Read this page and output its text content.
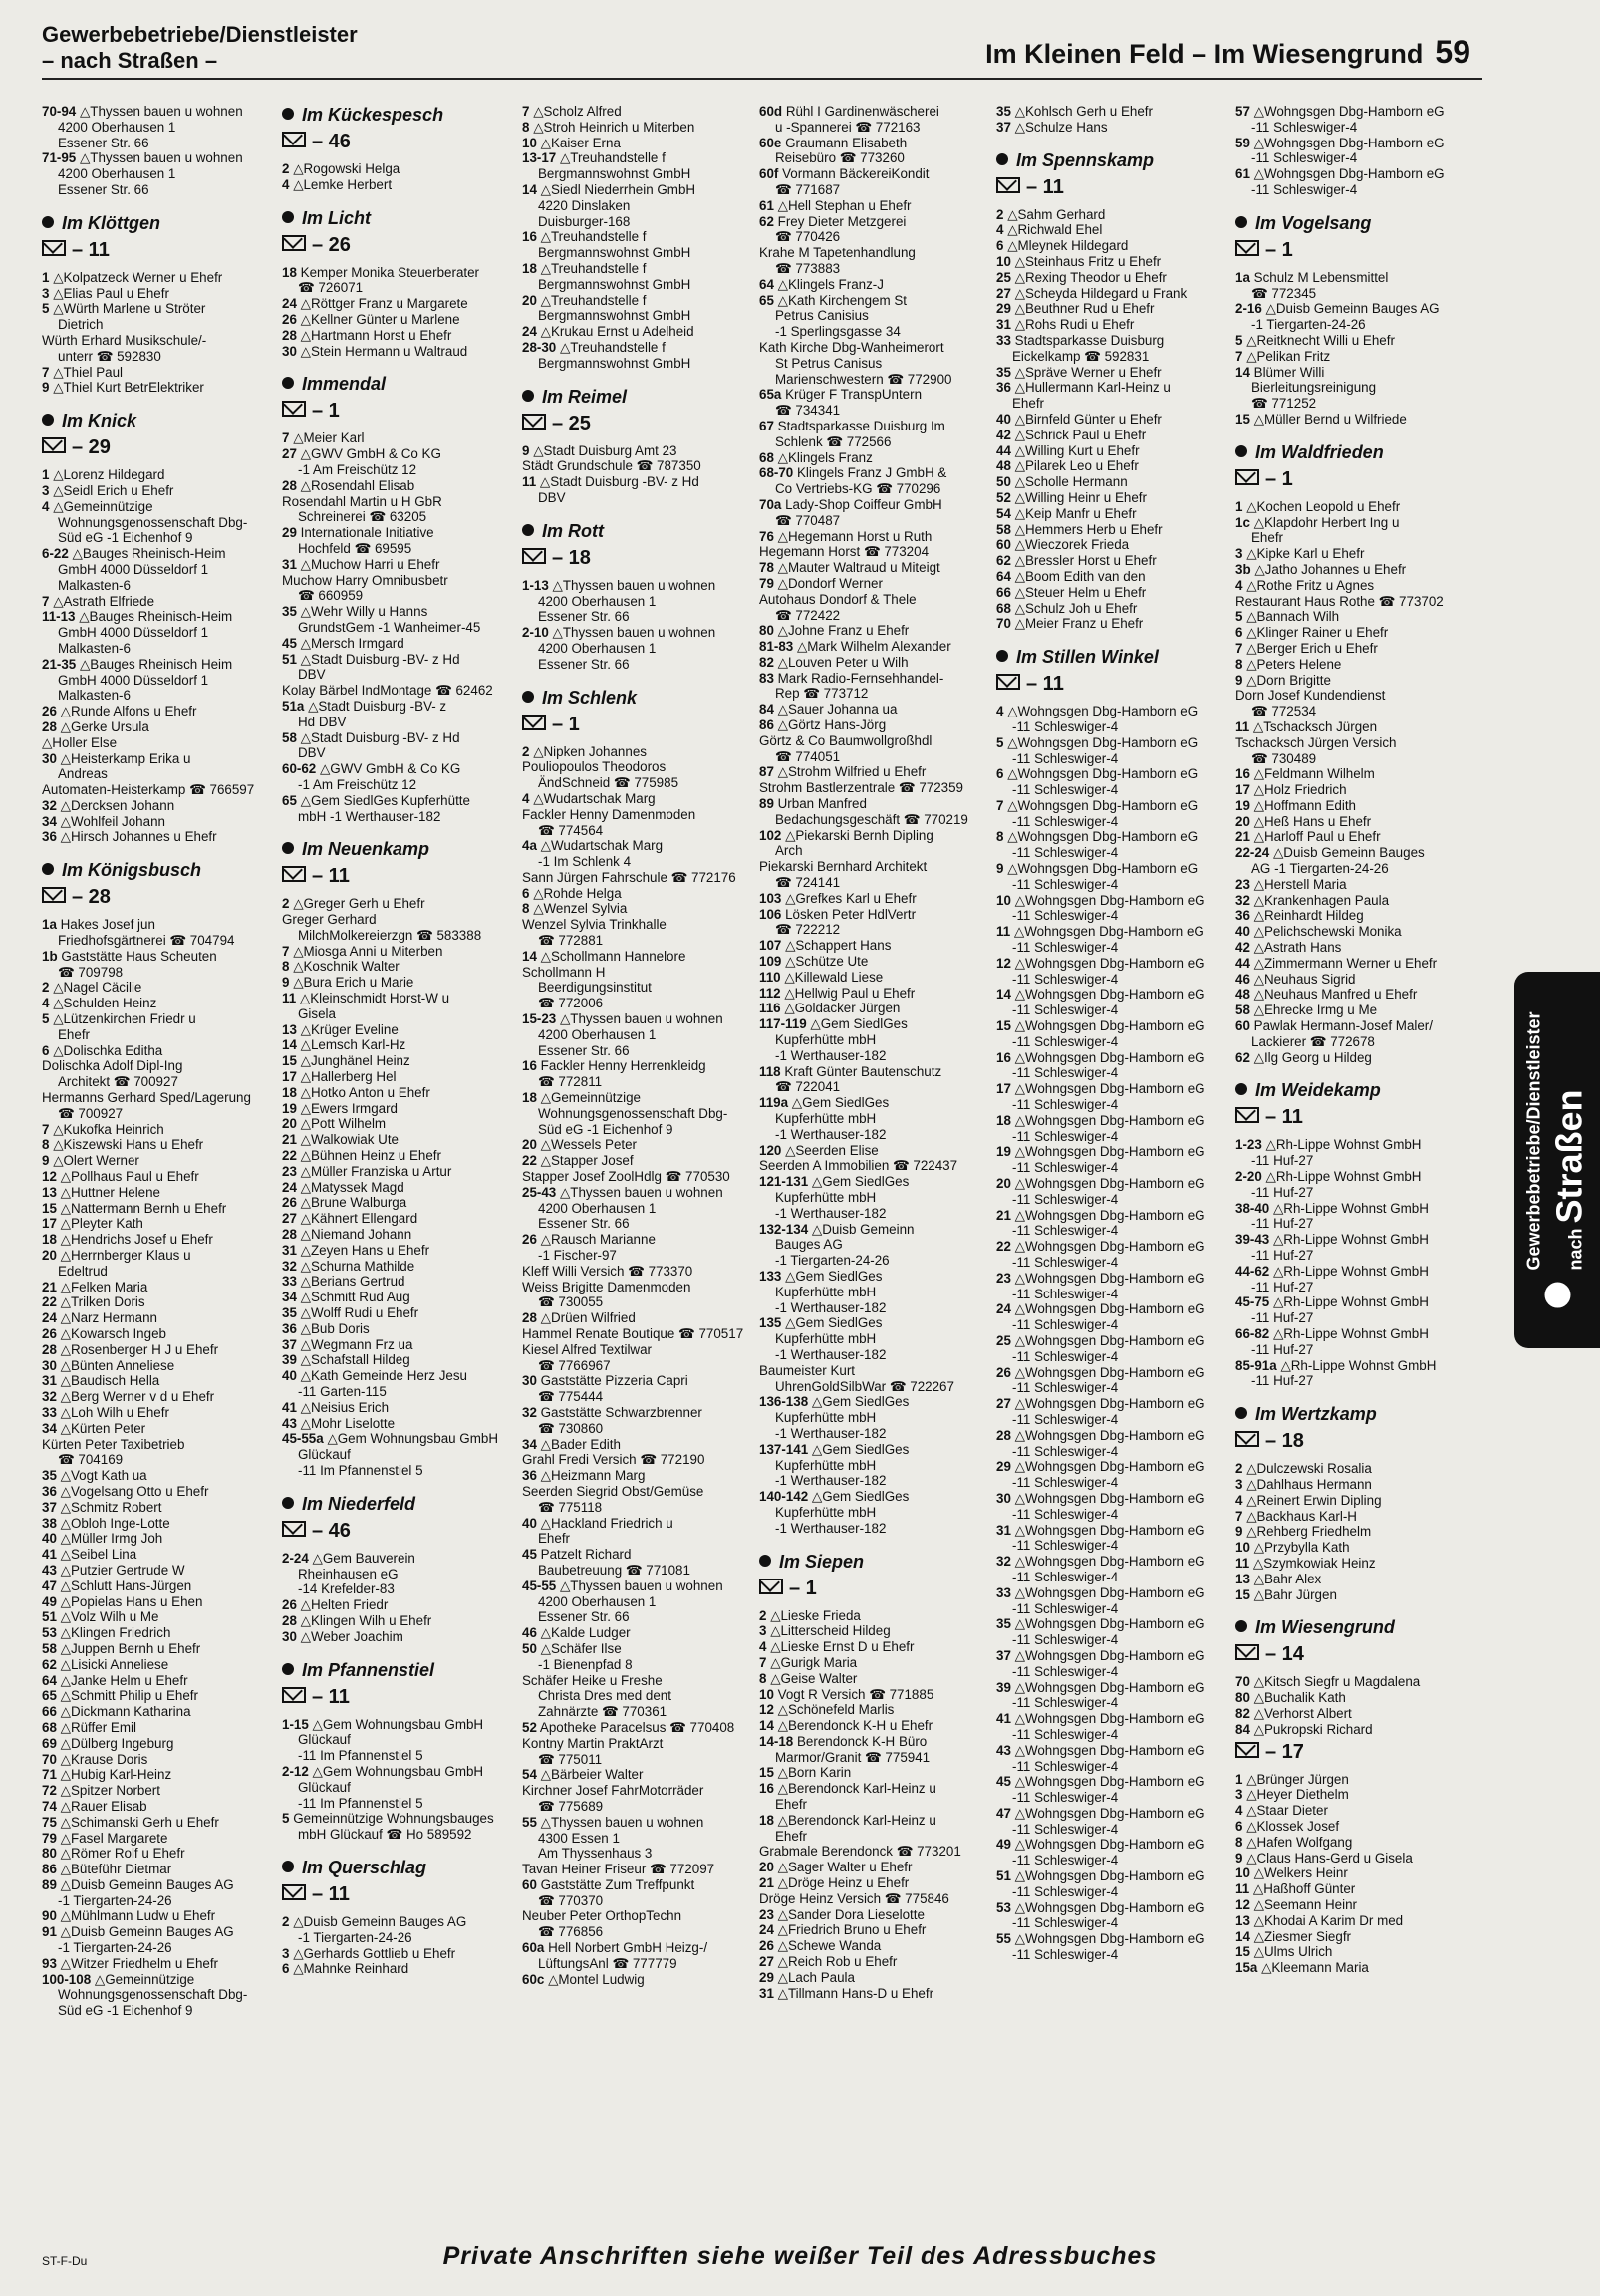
Gewerbebetriebe/Dienstleister
– nach Straßen –	Im Kleinen Feld – Im Wiesengrund 59
70-94 △Thyssen bauen u wohnen
4200 Oberhausen 1
Essener Str. 66
71-95 △Thyssen bauen u wohnen
4200 Oberhausen 1
Essener Str. 66
Im Klöttgen
– 11
1 △Kolpatzeck Werner u Ehefr
3 △Elias Paul u Ehefr
5 △Würth Marlene u Ströter
Dietrich
Würth Erhard Musikschule/-
unterr ☎ 592830
7 △Thiel Paul
9 △Thiel Kurt BetrElektriker
Im Knick
– 29
1 △Lorenz Hildegard
3 △Seidl Erich u Ehefr
4 △Gemeinnützige
Wohnungsgenossenschaft Dbg-
Süd eG -1 Eichenhof 9
6-22 △Bauges Rheinisch-Heim
GmbH 4000 Düsseldorf 1
Malkasten-6
7 △Astrath Elfriede
11-13 △Bauges Rheinisch-Heim
GmbH 4000 Düsseldorf 1
Malkasten-6
21-35 △Bauges Rheinisch Heim
GmbH 4000 Düsseldorf 1
Malkasten-6
26 △Runde Alfons u Ehefr
28 △Gerke Ursula
△Holler Else
30 △Heisterkamp Erika u
Andreas
Automaten-Heisterkamp ☎ 766597
32 △Dercksen Johann
34 △Wohlfeil Johann
36 △Hirsch Johannes u Ehefr
Im Königsbusch
– 28
1a Hakes Josef jun
Friedhofsgärtnerei ☎ 704794
1b Gaststätte Haus Scheuten
☎ 709798
2 △Nagel Cäcilie
4 △Schulden Heinz
5 △Lützenkirchen Friedr u
Ehefr
6 △Dolischka Editha
Dolischka Adolf Dipl-Ing
Architekt ☎ 700927
Hermanns Gerhard Sped/Lagerung
☎ 700927
7 △Kukofka Heinrich
8 △Kiszewski Hans u Ehefr
9 △Olert Werner
12 △Pollhaus Paul u Ehefr
13 △Huttner Helene
15 △Nattermann Bernh u Ehefr
17 △Pleyter Kath
18 △Hendrichs Josef u Ehefr
20 △Herrnberger Klaus u
Edeltrud
21 △Felken Maria
22 △Trilken Doris
24 △Narz Hermann
26 △Kowarsch Ingeb
28 △Rosenberger H J u Ehefr
30 △Bünten Anneliese
31 △Baudisch Hella
32 △Berg Werner v d u Ehefr
33 △Loh Wilh u Ehefr
34 △Kürten Peter
Kürten Peter Taxibetrieb
☎ 704169
35 △Vogt Kath ua
36 △Vogelsang Otto u Ehefr
37 △Schmitz Robert
38 △Obloh Inge-Lotte
40 △Müller Irmg Joh
41 △Seibel Lina
43 △Putzier Gertrude W
47 △Schlutt Hans-Jürgen
49 △Popielas Hans u Ehen
51 △Volz Wilh u Me
53 △Klingen Friedrich
58 △Juppen Bernh u Ehefr
62 △Lisicki Anneliese
64 △Janke Helm u Ehefr
65 △Schmitt Philip u Ehefr
66 △Dickmann Katharina
68 △Rüffer Emil
69 △Dülberg Ingeburg
70 △Krause Doris
71 △Hubig Karl-Heinz
72 △Spitzer Norbert
74 △Rauer Elisab
75 △Schimanski Gerh u Ehefr
79 △Fasel Margarete
80 △Römer Rolf u Ehefr
86 △Büteführ Dietmar
89 △Duisb Gemeinn Bauges AG
-1 Tiergarten-24-26
90 △Mühlmann Ludw u Ehefr
91 △Duisb Gemeinn Bauges AG
-1 Tiergarten-24-26
93 △Witzer Friedhelm u Ehefr
100-108 △Gemeinnützige
Wohnungsgenossenschaft Dbg-
Süd eG -1 Eichenhof 9
Im Kückespesch
– 46
2 △Rogowski Helga
4 △Lemke Herbert
Im Licht
– 26
18 Kemper Monika Steuerberater
☎ 726071
24 △Röttger Franz u Margarete
26 △Kellner Günter u Marlene
28 △Hartmann Horst u Ehefr
30 △Stein Hermann u Waltraud
Immendal
– 1
7 △Meier Karl
27 △GWV GmbH & Co KG
-1 Am Freischütz 12
28 △Rosendahl Elisab
Rosendahl Martin u H GbR
Schreinerei ☎ 63205
29 Internationale Initiative
Hochfeld ☎ 69595
31 △Muchow Harri u Ehefr
Muchow Harry Omnibusbetr
☎ 660959
35 △Wehr Willy u Hanns
GrundstGem -1 Wanheimer-45
45 △Mersch Irmgard
51 △Stadt Duisburg -BV- z Hd
DBV
Kolay Bärbel IndMontage ☎ 62462
51a △Stadt Duisburg -BV- z
Hd DBV
58 △Stadt Duisburg -BV- z Hd
DBV
60-62 △GWV GmbH & Co KG
-1 Am Freischütz 12
65 △Gem SiedlGes Kupferhütte
mbH -1 Werthauser-182
Im Neuenkamp
– 11
2 △Greger Gerh u Ehefr
Greger Gerhard
MilchMolkereierzgn ☎ 583388
7 △Miosga Anni u Miterben
8 △Koschnik Walter
9 △Bura Erich u Marie
11 △Kleinschmidt Horst-W u
Gisela
13 △Krüger Eveline
14 △Lemsch Karl-Hz
15 △Junghänel Heinz
17 △Hallerberg Hel
18 △Hotko Anton u Ehefr
19 △Ewers Irmgard
20 △Pott Wilhelm
21 △Walkowiak Ute
22 △Bühnen Heinz u Ehefr
23 △Müller Franziska u Artur
24 △Matyssek Magd
26 △Brune Walburga
27 △Kähnert Ellengard
28 △Niemand Johann
31 △Zeyen Hans u Ehefr
32 △Schurna Mathilde
33 △Berians Gertrud
34 △Schmitt Rud Aug
35 △Wolff Rudi u Ehefr
36 △Bub Doris
37 △Wegmann Frz ua
39 △Schafstall Hildeg
40 △Kath Gemeinde Herz Jesu
-11 Garten-115
41 △Neisius Erich
43 △Mohr Liselotte
45-55a △Gem Wohnungsbau GmbH
Glückauf
-11 Im Pfannenstiel 5
Im Niederfeld
– 46
2-24 △Gem Bauverein
Rheinhausen eG
-14 Krefelder-83
26 △Helten Friedr
28 △Klingen Wilh u Ehefr
30 △Weber Joachim
Im Pfannenstiel
– 11
1-15 △Gem Wohnungsbau GmbH
Glückauf
-11 Im Pfannenstiel 5
2-12 △Gem Wohnungsbau GmbH
Glückauf
-11 Im Pfannenstiel 5
5 Gemeinnützige Wohnungsbauges
mbH Glückauf ☎ Ho 589592
Im Querschlag
– 11
2 △Duisb Gemeinn Bauges AG
-1 Tiergarten-24-26
3 △Gerhards Gottlieb u Ehefr
6 △Mahnke Reinhard
7 △Scholz Alfred
8 △Stroh Heinrich u Miterben
10 △Kaiser Erna
13-17 △Treuhandstelle f
Bergmannswohnst GmbH
14 △Siedl Niederrhein GmbH
4220 Dinslaken
Duisburger-168
16 △Treuhandstelle f
Bergmannswohnst GmbH
18 △Treuhandstelle f
Bergmannswohnst GmbH
20 △Treuhandstelle f
Bergmannswohnst GmbH
24 △Krukau Ernst u Adelheid
28-30 △Treuhandstelle f
Bergmannswohnst GmbH
Im Reimel
– 25
9 △Stadt Duisburg Amt 23
Städt Grundschule ☎ 787350
11 △Stadt Duisburg -BV- z Hd
DBV
Im Rott
– 18
1-13 △Thyssen bauen u wohnen
4200 Oberhausen 1
Essener Str. 66
2-10 △Thyssen bauen u wohnen
4200 Oberhausen 1
Essener Str. 66
Im Schlenk
– 1
2 △Nipken Johannes
Pouliopoulos Theodoros
ÄndSchneid ☎ 775985
4 △Wudartschak Marg
Fackler Henny Damenmoden
☎ 774564
4a △Wudartschak Marg
-1 Im Schlenk 4
Sann Jürgen Fahrschule ☎ 772176
6 △Rohde Helga
8 △Wenzel Sylvia
Wenzel Sylvia Trinkhalle
☎ 772881
14 △Schollmann Hannelore
Schollmann H
Beerdigungsinstitut
☎ 772006
15-23 △Thyssen bauen u wohnen
4200 Oberhausen 1
Essener Str. 66
16 Fackler Henny Herrenkleidg
☎ 772811
18 △Gemeinnützige
Wohnungsgenossenschaft Dbg-
Süd eG -1 Eichenhof 9
20 △Wessels Peter
22 △Stapper Josef
Stapper Josef ZoolHdlg ☎ 770530
25-43 △Thyssen bauen u wohnen
4200 Oberhausen 1
Essener Str. 66
26 △Rausch Marianne
-1 Fischer-97
Kleff Willi Versich ☎ 773370
Weiss Brigitte Damenmoden
☎ 730055
28 △Drüen Wilfried
Hammel Renate Boutique ☎ 770517
Kiesel Alfred Textilwar
☎ 7766967
30 Gaststätte Pizzeria Capri
☎ 775444
32 Gaststätte Schwarzbrenner
☎ 730860
34 △Bader Edith
Grahl Fredi Versich ☎ 772190
36 △Heizmann Marg
Seerden Siegrid Obst/Gemüse
☎ 775118
40 △Hackland Friedrich u
Ehefr
45 Patzelt Richard
Baubetreuung ☎ 771081
45-55 △Thyssen bauen u wohnen
4200 Oberhausen 1
Essener Str. 66
46 △Kalde Ludger
50 △Schäfer Ilse
-1 Bienenpfad 8
Schäfer Heike u Freshe
Christa Dres med dent
Zahnärzte ☎ 770361
52 Apotheke Paracelsus ☎ 770408
Kontny Martin PraktArzt
☎ 775011
54 △Bärbeier Walter
Kirchner Josef FahrMotorräder
☎ 775689
55 △Thyssen bauen u wohnen
4300 Essen 1
Am Thyssenhaus 3
Tavan Heiner Friseur ☎ 772097
60 Gaststätte Zum Treffpunkt
☎ 770370
Neuber Peter OrthopTechn
☎ 776856
60a Hell Norbert GmbH Heizg-/
LüftungsAnl ☎ 777779
60c △Montel Ludwig
60d Rühl I Gardinenwäscherei
u -Spannerei ☎ 772163
60e Graumann Elisabeth
Reisebüro ☎ 773260
60f Vormann BäckereiKondit
☎ 771687
61 △Hell Stephan u Ehefr
62 Frey Dieter Metzgerei
☎ 770426
Krahe M Tapetenhandlung
☎ 773883
64 △Klingels Franz-J
65 △Kath Kirchengem St
Petrus Canisius
-1 Sperlingsgasse 34
Kath Kirche Dbg-Wanheimerort
St Petrus Canisus
Marienschwestern ☎ 772900
65a Krüger F TranspUntern
☎ 734341
67 Stadtsparkasse Duisburg Im
Schlenk ☎ 772566
68 △Klingels Franz
68-70 Klingels Franz J GmbH &
Co Vertriebs-KG ☎ 770296
70a Lady-Shop Coiffeur GmbH
☎ 770487
76 △Hegemann Horst u Ruth
Hegemann Horst ☎ 773204
78 △Mauter Waltraud u Miteigt
79 △Dondorf Werner
Autohaus Dondorf & Thele
☎ 772422
80 △Johne Franz u Ehefr
81-83 △Mark Wilhelm Alexander
82 △Louven Peter u Wilh
83 Mark Radio-Fernsehhandel-
Rep ☎ 773712
84 △Sauer Johanna ua
86 △Görtz Hans-Jörg
Görtz & Co Baumwollgroßhdl
☎ 774051
87 △Strohm Wilfried u Ehefr
Strohm Bastlerzentrale ☎ 772359
89 Urban Manfred
Bedachungsgeschäft ☎ 770219
102 △Piekarski Bernh Dipling
Arch
Piekarski Bernhard Architekt
☎ 724141
103 △Grefkes Karl u Ehefr
106 Lösken Peter HdlVertr
☎ 722212
107 △Schappert Hans
109 △Schütze Ute
110 △Killewald Liese
112 △Hellwig Paul u Ehefr
116 △Goldacker Jürgen
117-119 △Gem SiedlGes
Kupferhütte mbH
-1 Werthauser-182
118 Kraft Günter Bautenschutz
☎ 722041
119a △Gem SiedlGes
Kupferhütte mbH
-1 Werthauser-182
120 △Seerden Elise
Seerden A Immobilien ☎ 722437
121-131 △Gem SiedlGes
Kupferhütte mbH
-1 Werthauser-182
132-134 △Duisb Gemeinn
Bauges AG
-1 Tiergarten-24-26
133 △Gem SiedlGes
Kupferhütte mbH
-1 Werthauser-182
135 △Gem SiedlGes
Kupferhütte mbH
-1 Werthauser-182
Baumeister Kurt
UhrenGoldSilbWar ☎ 722267
136-138 △Gem SiedlGes
Kupferhütte mbH
-1 Werthauser-182
137-141 △Gem SiedlGes
Kupferhütte mbH
-1 Werthauser-182
140-142 △Gem SiedlGes
Kupferhütte mbH
-1 Werthauser-182
Im Siepen
– 1
2 △Lieske Frieda
3 △Litterscheid Hildeg
4 △Lieske Ernst D u Ehefr
7 △Gurigk Maria
8 △Geise Walter
10 Vogt R Versich ☎ 771885
12 △Schönefeld Marlis
14 △Berendonck K-H u Ehefr
14-18 Berendonck K-H Büro
Marmor/Granit ☎ 775941
15 △Born Karin
16 △Berendonck Karl-Heinz u
Ehefr
18 △Berendonck Karl-Heinz u
Ehefr
Grabmale Berendonck ☎ 773201
20 △Sager Walter u Ehefr
21 △Dröge Heinz u Ehefr
Dröge Heinz Versich ☎ 775846
23 △Sander Dora Lieselotte
24 △Friedrich Bruno u Ehefr
26 △Schewe Wanda
27 △Reich Rob u Ehefr
29 △Lach Paula
31 △Tillmann Hans-D u Ehefr
35 △Kohlsch Gerh u Ehefr
37 △Schulze Hans
Im Spennskamp
– 11
2 △Sahm Gerhard
4 △Richwald Ehel
6 △Mleynek Hildegard
10 △Steinhaus Fritz u Ehefr
25 △Rexing Theodor u Ehefr
27 △Scheyda Hildegard u Frank
29 △Beuthner Rud u Ehefr
31 △Rohs Rudi u Ehefr
33 Stadtsparkasse Duisburg
Eickelkamp ☎ 592831
35 △Spräve Werner u Ehefr
36 △Hullermann Karl-Heinz u
Ehefr
40 △Birnfeld Günter u Ehefr
42 △Schrick Paul u Ehefr
44 △Willing Kurt u Ehefr
48 △Pilarek Leo u Ehefr
50 △Scholle Hermann
52 △Willing Heinr u Ehefr
54 △Keip Manfr u Ehefr
58 △Hemmers Herb u Ehefr
60 △Wieczorek Frieda
62 △Bressler Horst u Ehefr
64 △Boom Edith van den
66 △Steuer Helm u Ehefr
68 △Schulz Joh u Ehefr
70 △Meier Franz u Ehefr
Im Stillen Winkel
– 11
4 △Wohngsgen Dbg-Hamborn eG
-11 Schleswiger-4
5 △Wohngsgen Dbg-Hamborn eG
-11 Schleswiger-4
6 △Wohngsgen Dbg-Hamborn eG
-11 Schleswiger-4
7 △Wohngsgen Dbg-Hamborn eG
-11 Schleswiger-4
8 △Wohngsgen Dbg-Hamborn eG
-11 Schleswiger-4
9 △Wohngsgen Dbg-Hamborn eG
-11 Schleswiger-4
10 △Wohngsgen Dbg-Hamborn eG
-11 Schleswiger-4
11 △Wohngsgen Dbg-Hamborn eG
-11 Schleswiger-4
12 △Wohngsgen Dbg-Hamborn eG
-11 Schleswiger-4
14 △Wohngsgen Dbg-Hamborn eG
-11 Schleswiger-4
15 △Wohngsgen Dbg-Hamborn eG
-11 Schleswiger-4
16 △Wohngsgen Dbg-Hamborn eG
-11 Schleswiger-4
17 △Wohngsgen Dbg-Hamborn eG
-11 Schleswiger-4
18 △Wohngsgen Dbg-Hamborn eG
-11 Schleswiger-4
19 △Wohngsgen Dbg-Hamborn eG
-11 Schleswiger-4
20 △Wohngsgen Dbg-Hamborn eG
-11 Schleswiger-4
21 △Wohngsgen Dbg-Hamborn eG
-11 Schleswiger-4
22 △Wohngsgen Dbg-Hamborn eG
-11 Schleswiger-4
23 △Wohngsgen Dbg-Hamborn eG
-11 Schleswiger-4
24 △Wohngsgen Dbg-Hamborn eG
-11 Schleswiger-4
25 △Wohngsgen Dbg-Hamborn eG
-11 Schleswiger-4
26 △Wohngsgen Dbg-Hamborn eG
-11 Schleswiger-4
27 △Wohngsgen Dbg-Hamborn eG
-11 Schleswiger-4
28 △Wohngsgen Dbg-Hamborn eG
-11 Schleswiger-4
29 △Wohngsgen Dbg-Hamborn eG
-11 Schleswiger-4
30 △Wohngsgen Dbg-Hamborn eG
-11 Schleswiger-4
31 △Wohngsgen Dbg-Hamborn eG
-11 Schleswiger-4
32 △Wohngsgen Dbg-Hamborn eG
-11 Schleswiger-4
33 △Wohngsgen Dbg-Hamborn eG
-11 Schleswiger-4
35 △Wohngsgen Dbg-Hamborn eG
-11 Schleswiger-4
37 △Wohngsgen Dbg-Hamborn eG
-11 Schleswiger-4
39 △Wohngsgen Dbg-Hamborn eG
-11 Schleswiger-4
41 △Wohngsgen Dbg-Hamborn eG
-11 Schleswiger-4
43 △Wohngsgen Dbg-Hamborn eG
-11 Schleswiger-4
45 △Wohngsgen Dbg-Hamborn eG
-11 Schleswiger-4
47 △Wohngsgen Dbg-Hamborn eG
-11 Schleswiger-4
49 △Wohngsgen Dbg-Hamborn eG
-11 Schleswiger-4
51 △Wohngsgen Dbg-Hamborn eG
-11 Schleswiger-4
53 △Wohngsgen Dbg-Hamborn eG
-11 Schleswiger-4
55 △Wohngsgen Dbg-Hamborn eG
-11 Schleswiger-4
57 △Wohngsgen Dbg-Hamborn eG
-11 Schleswiger-4
59 △Wohngsgen Dbg-Hamborn eG
-11 Schleswiger-4
61 △Wohngsgen Dbg-Hamborn eG
-11 Schleswiger-4
Im Vogelsang
– 1
1a Schulz M Lebensmittel
☎ 772345
2-16 △Duisb Gemeinn Bauges AG
-1 Tiergarten-24-26
5 △Reitknecht Willi u Ehefr
7 △Pelikan Fritz
14 Blümer Willi
Bierleitungsreinigung
☎ 771252
15 △Müller Bernd u Wilfriede
Im Waldfrieden
– 1
1 △Kochen Leopold u Ehefr
1c △Klapdohr Herbert Ing u
Ehefr
3 △Kipke Karl u Ehefr
3b △Jatho Johannes u Ehefr
4 △Rothe Fritz u Agnes
Restaurant Haus Rothe ☎ 773702
5 △Bannach Wilh
6 △Klinger Rainer u Ehefr
7 △Berger Erich u Ehefr
8 △Peters Helene
9 △Dorn Brigitte
Dorn Josef Kundendienst
☎ 772534
11 △Tschacksch Jürgen
Tschacksch Jürgen Versich
☎ 730489
16 △Feldmann Wilhelm
17 △Holz Friedrich
19 △Hoffmann Edith
20 △Heß Hans u Ehefr
21 △Harloff Paul u Ehefr
22-24 △Duisb Gemeinn Bauges
AG -1 Tiergarten-24-26
23 △Herstell Maria
32 △Krankenhagen Paula
36 △Reinhardt Hildeg
40 △Pelichschewski Monika
42 △Astrath Hans
44 △Zimmermann Werner u Ehefr
46 △Neuhaus Sigrid
48 △Neuhaus Manfred u Ehefr
58 △Ehrecke Irmg u Me
60 Pawlak Hermann-Josef Maler/
Lackierer ☎ 772678
62 △Ilg Georg u Hildeg
Im Weidekamp
– 11
1-23 △Rh-Lippe Wohnst GmbH
-11 Huf-27
2-20 △Rh-Lippe Wohnst GmbH
-11 Huf-27
38-40 △Rh-Lippe Wohnst GmbH
-11 Huf-27
39-43 △Rh-Lippe Wohnst GmbH
-11 Huf-27
44-62 △Rh-Lippe Wohnst GmbH
-11 Huf-27
45-75 △Rh-Lippe Wohnst GmbH
-11 Huf-27
66-82 △Rh-Lippe Wohnst GmbH
-11 Huf-27
85-91a △Rh-Lippe Wohnst GmbH
-11 Huf-27
Im Wertzkamp
– 18
2 △Dulczewski Rosalia
3 △Dahlhaus Hermann
4 △Reinert Erwin Dipling
7 △Backhaus Karl-H
9 △Rehberg Friedhelm
10 △Przybylla Kath
11 △Szymkowiak Heinz
13 △Bahr Alex
15 △Bahr Jürgen
Im Wiesengrund
– 14
70 △Kitsch Siegfr u Magdalena
80 △Buchalik Kath
82 △Verhorst Albert
84 △Pukropski Richard
– 17
1 △Brünger Jürgen
3 △Heyer Diethelm
4 △Staar Dieter
6 △Klossek Josef
8 △Hafen Wolfgang
9 △Claus Hans-Gerd u Gisela
10 △Welkers Heinr
11 △Haßhoff Günter
12 △Seemann Heinr
13 △Khodai A Karim Dr med
14 △Ziesmer Siegfr
15 △Ulms Ulrich
15a △Kleemann Maria
Gewerbebetriebe/Dienstleister	nach Straßen
ST-F-Du	Private Anschriften siehe weißer Teil des Adressbuches
